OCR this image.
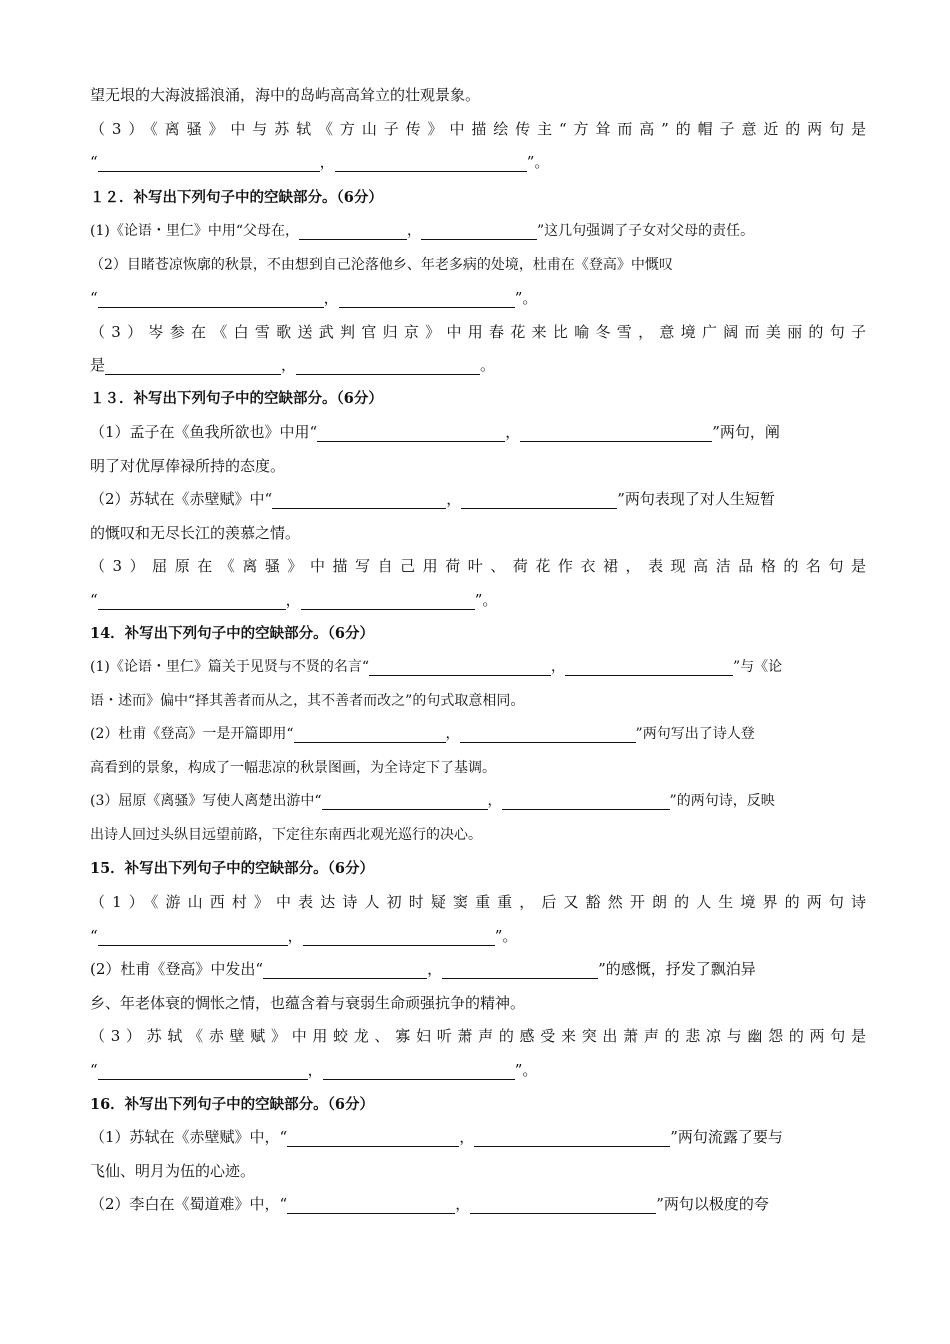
望无垠的大海波摇浪涌，海中的岛屿高高耸立的壮观景象。
（3）《离骚》中与苏轼《方山子传》中描绘传主“方耸而高”的帽子意近的两句是
“	，	”。
１２．补写出下列句子中的空缺部分。（6分）
(1)《论语・里仁》中用“父母在，	，	”这几句强调了子女对父母的责任。
（2）目睹苍凉恢廓的秋景，不由想到自己沦落他乡、年老多病的处境，杜甫在《登高》中慨叹
“	，	”。
（3）岑参在《白雪歌送武判官归京》中用春花来比喻冬雪，意境广阔而美丽的句子
是	，	。
１３．补写出下列句子中的空缺部分。（6分）
（1）孟子在《鱼我所欲也》中用“	，	”两句，阐
明了对优厚俸禄所持的态度。
（2）苏轼在《赤壁赋》中“	，	”两句表现了对人生短暂
的慨叹和无尽长江的羡慕之情。
（3）屈原在《离骚》中描写自己用荷叶、荷花作衣裙，表现高洁品格的名句是
“	，	”。
14．补写出下列句子中的空缺部分。（6分）
(1)《论语・里仁》篇关于见贤与不贤的名言“	，	”与《论
语・述而》偏中“择其善者而从之，其不善者而改之”的句式取意相同。
(2）杜甫《登高》一是开篇即用“	，	”两句写出了诗人登
高看到的景象，构成了一幅悲凉的秋景图画，为全诗定下了基调。
(3）屈原《离骚》写使人离楚出游中“	，	”的两句诗，反映
出诗人回过头纵目远望前路，下定往东南西北观光巡行的决心。
15．补写出下列句子中的空缺部分。（6分）
（1）《游山西村》中表达诗人初时疑窦重重，后又豁然开朗的人生境界的两句诗
“	，	”。
(2）杜甫《登高》中发出“	，	”的感慨，抒发了飘泊异
乡、年老体衰的惆怅之情，也蕴含着与衰弱生命顽强抗争的精神。
（3）苏轼《赤壁赋》中用蛟龙、寡妇听萧声的感受来突出萧声的悲凉与幽怨的两句是
“	，	”。
16．补写出下列句子中的空缺部分。（6分）
（1）苏轼在《赤壁赋》中，“	，	”两句流露了要与
飞仙、明月为伍的心迹。
（2）李白在《蜀道难》中，“	，	”两句以极度的夸
